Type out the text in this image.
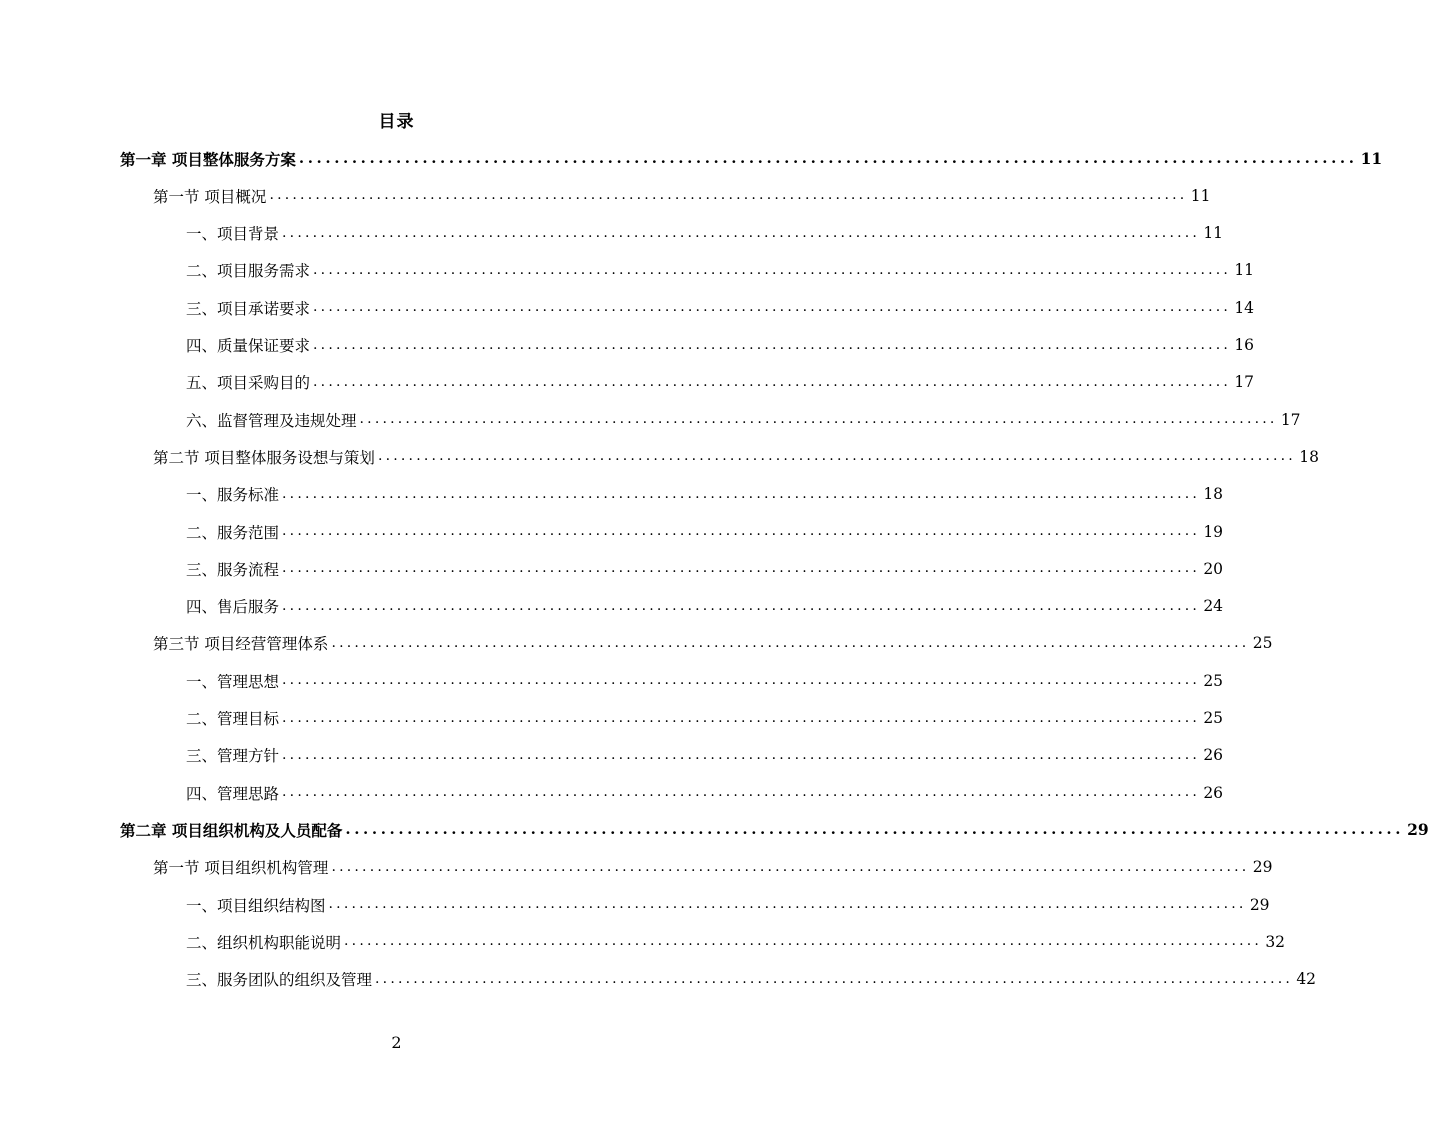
目录
第一章 项目整体服务方案 ........................................................................................................................ 11
第一节 项目概况 ........................................................................................................................ 11
一、项目背景 ........................................................................................................................ 11
二、项目服务需求 ........................................................................................................................ 11
三、项目承诺要求 ........................................................................................................................ 14
四、质量保证要求 ........................................................................................................................ 16
五、项目采购目的 ........................................................................................................................ 17
六、监督管理及违规处理 ........................................................................................................................ 17
第二节 项目整体服务设想与策划 ........................................................................................................................ 18
一、服务标准 ........................................................................................................................ 18
二、服务范围 ........................................................................................................................ 19
三、服务流程 ........................................................................................................................ 20
四、售后服务 ........................................................................................................................ 24
第三节 项目经营管理体系 ........................................................................................................................ 25
一、管理思想 ........................................................................................................................ 25
二、管理目标 ........................................................................................................................ 25
三、管理方针 ........................................................................................................................ 26
四、管理思路 ........................................................................................................................ 26
第二章 项目组织机构及人员配备 ........................................................................................................................ 29
第一节 项目组织机构管理 ........................................................................................................................ 29
一、项目组织结构图 ........................................................................................................................ 29
二、组织机构职能说明 ........................................................................................................................ 32
三、服务团队的组织及管理 ........................................................................................................................ 42
2
